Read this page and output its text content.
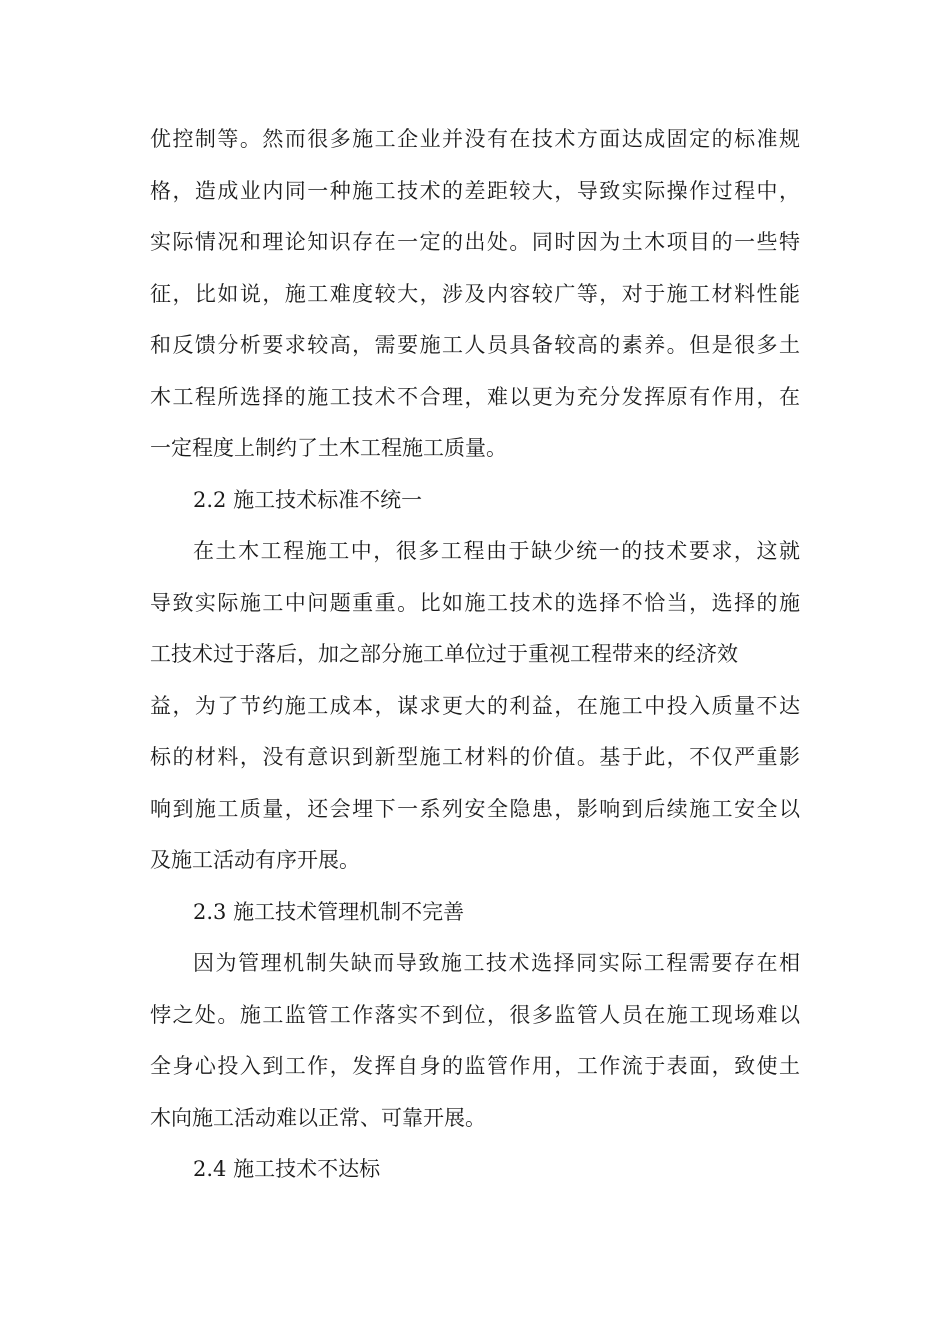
优控制等。然而很多施工企业并没有在技术方面达成固定的标准规
格，造成业内同一种施工技术的差距较大，导致实际操作过程中，
实际情况和理论知识存在一定的出处。同时因为土木项目的一些特
征，比如说，施工难度较大，涉及内容较广等，对于施工材料性能
和反馈分析要求较高，需要施工人员具备较高的素养。但是很多土
木工程所选择的施工技术不合理，难以更为充分发挥原有作用，在
一定程度上制约了土木工程施工质量。
2.2 施工技术标准不统一
在土木工程施工中，很多工程由于缺少统一的技术要求，这就
导致实际施工中问题重重。比如施工技术的选择不恰当，选择的施
工技术过于落后，加之部分施工单位过于重视工程带来的经济效
益，为了节约施工成本，谋求更大的利益，在施工中投入质量不达
标的材料，没有意识到新型施工材料的价值。基于此，不仅严重影
响到施工质量，还会埋下一系列安全隐患，影响到后续施工安全以
及施工活动有序开展。
2.3 施工技术管理机制不完善
因为管理机制失缺而导致施工技术选择同实际工程需要存在相
悖之处。施工监管工作落实不到位，很多监管人员在施工现场难以
全身心投入到工作，发挥自身的监管作用，工作流于表面，致使土
木向施工活动难以正常、可靠开展。
2.4 施工技术不达标
